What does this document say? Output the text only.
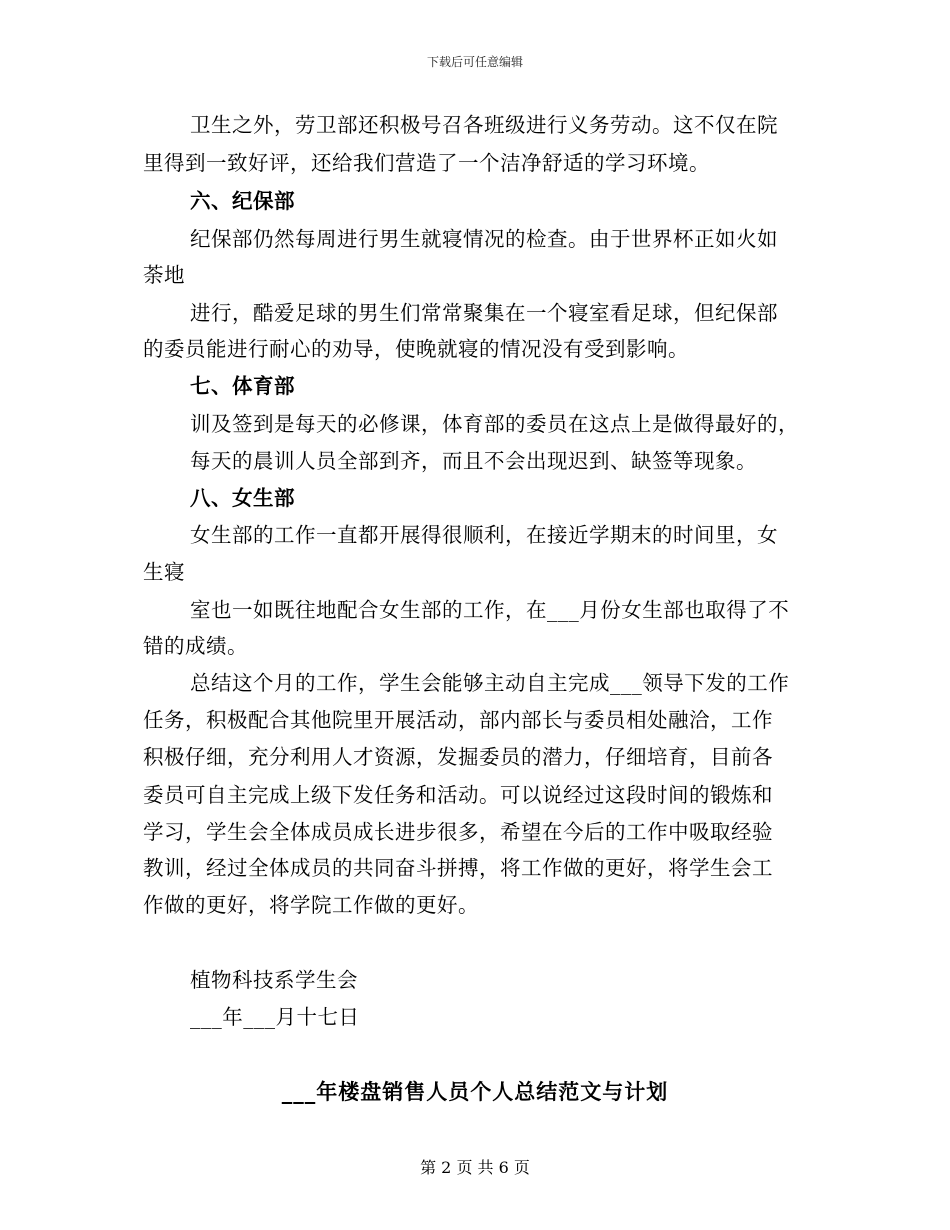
下载后可任意编辑
卫生之外，劳卫部还积极号召各班级进行义务劳动。这不仅在院
里得到一致好评，还给我们营造了一个洁净舒适的学习环境。
六、纪保部
纪保部仍然每周进行男生就寝情况的检查。由于世界杯正如火如
荼地
进行，酷爱足球的男生们常常聚集在一个寝室看足球，但纪保部
的委员能进行耐心的劝导，使晚就寝的情况没有受到影响。
七、体育部
训及签到是每天的必修课，体育部的委员在这点上是做得最好的，
每天的晨训人员全部到齐，而且不会出现迟到、缺签等现象。
八、女生部
女生部的工作一直都开展得很顺利，在接近学期末的时间里，女
生寝
室也一如既往地配合女生部的工作，在___月份女生部也取得了不
错的成绩。
总结这个月的工作，学生会能够主动自主完成___领导下发的工作
任务，积极配合其他院里开展活动，部内部长与委员相处融洽，工作
积极仔细，充分利用人才资源，发掘委员的潜力，仔细培育，目前各
委员可自主完成上级下发任务和活动。可以说经过这段时间的锻炼和
学习，学生会全体成员成长进步很多，希望在今后的工作中吸取经验
教训，经过全体成员的共同奋斗拼搏，将工作做的更好，将学生会工
作做的更好，将学院工作做的更好。
植物科技系学生会
___年___月十七日
___年楼盘销售人员个人总结范文与计划
第 2 页 共 6 页
